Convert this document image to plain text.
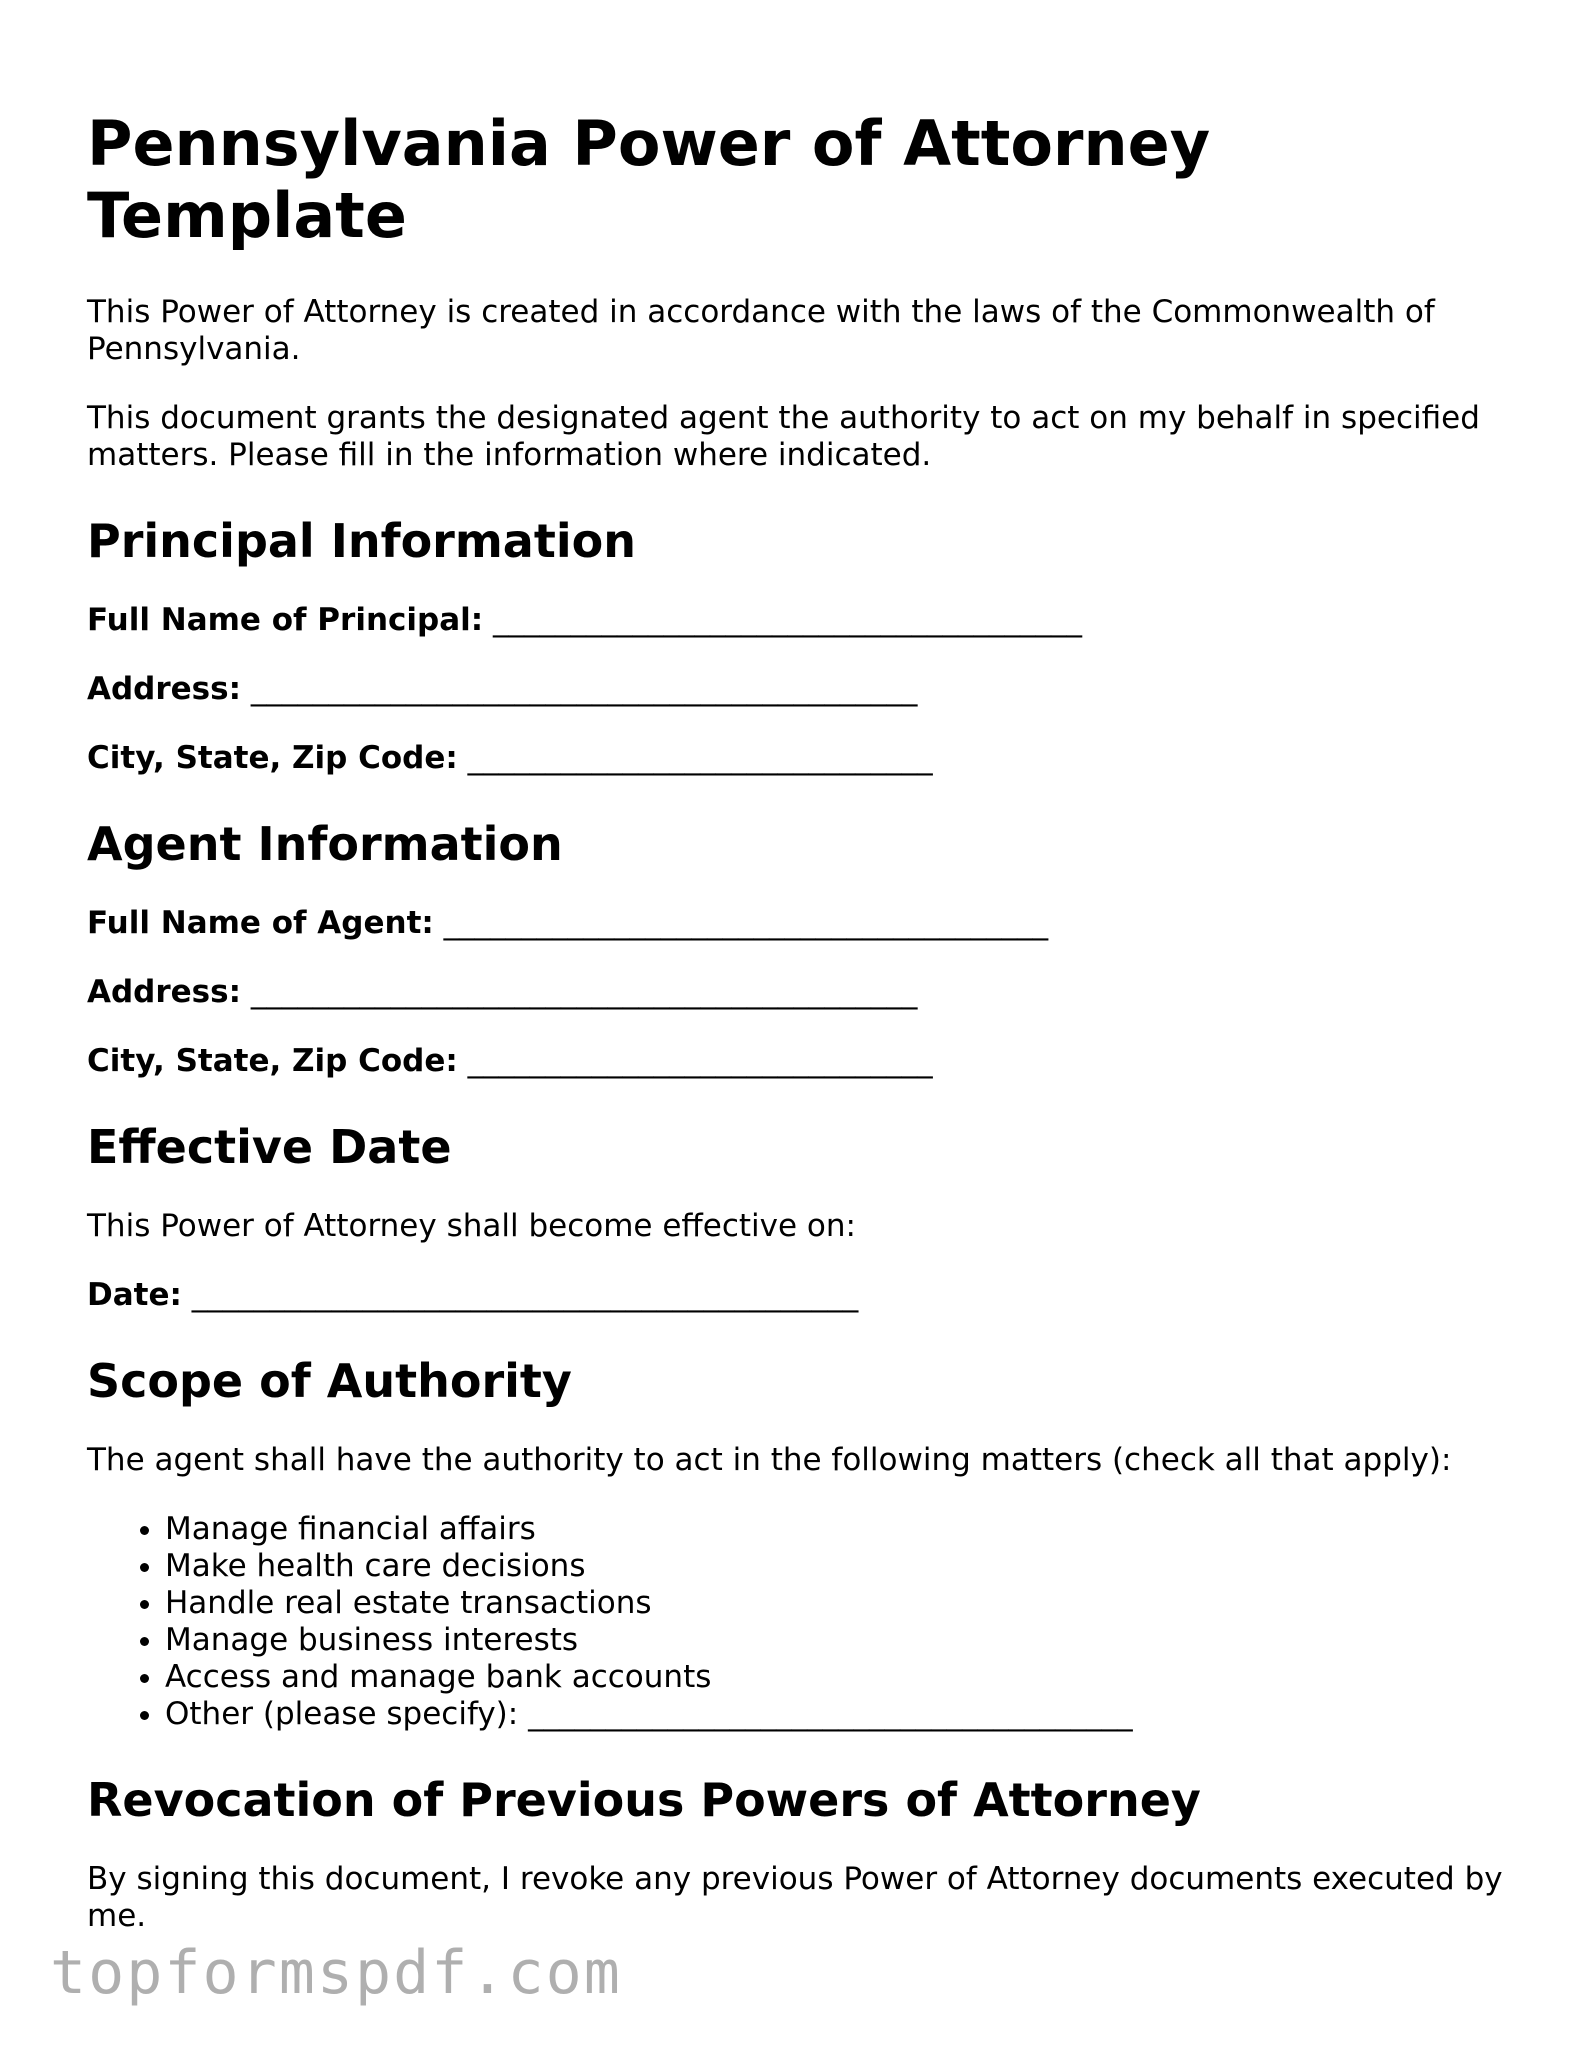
Pennsylvania Power of Attorney Template

This Power of Attorney is created in accordance with the laws of the Commonwealth of Pennsylvania.

This document grants the designated agent the authority to act on my behalf in specified matters. Please fill in the information where indicated.

Principal Information
Full Name of Principal: ______________________________________
Address: ___________________________________________
City, State, Zip Code: ______________________________
Agent Information
Full Name of Agent: _______________________________________
Address: ___________________________________________
City, State, Zip Code: ______________________________
Effective Date

This Power of Attorney shall become effective on:

Date: ___________________________________________
Scope of Authority

The agent shall have the authority to act in the following matters (check all that apply):

• Manage financial affairs
• Make health care decisions
• Handle real estate transactions
• Manage business interests
• Access and manage bank accounts
• Other (please specify): _______________________________________
Revocation of Previous Powers of Attorney

By signing this document, I revoke any previous Power of Attorney documents executed by me.

topformspdf.com
